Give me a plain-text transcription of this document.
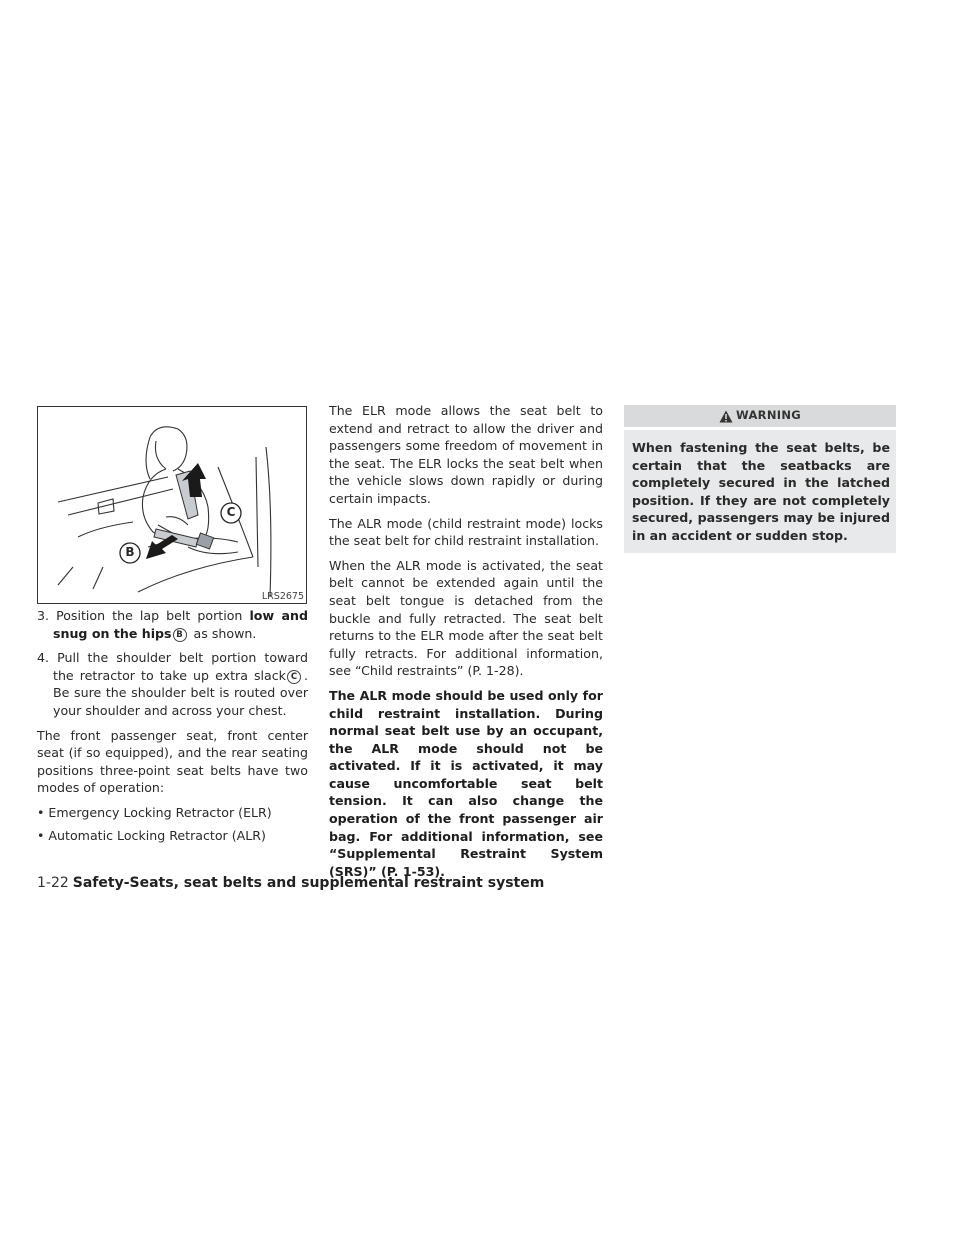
C
B
LRS2675

3. Position the lap belt portion low and snug on the hips B as shown.

4. Pull the shoulder belt portion toward the retractor to take up extra slack C . Be sure the shoulder belt is routed over your shoulder and across your chest.

The front passenger seat, front center seat (if so equipped), and the rear seating positions three-point seat belts have two modes of operation:

• Emergency Locking Retractor (ELR)

• Automatic Locking Retractor (ALR)

The ELR mode allows the seat belt to extend and retract to allow the driver and passengers some freedom of movement in the seat. The ELR locks the seat belt when the vehicle slows down rapidly or during certain impacts.

The ALR mode (child restraint mode) locks the seat belt for child restraint installation.

When the ALR mode is activated, the seat belt cannot be extended again until the seat belt tongue is detached from the buckle and fully retracted. The seat belt returns to the ELR mode after the seat belt fully retracts. For additional information, see “Child restraints” (P. 1-28).

The ALR mode should be used only for child restraint installation. During normal seat belt use by an occupant, the ALR mode should not be activated. If it is activated, it may cause uncomfortable seat belt tension. It can also change the operation of the front passenger air bag. For additional information, see “Supplemental Restraint System (SRS)” (P. 1-53).

WARNING
When fastening the seat belts, be certain that the seatbacks are completely secured in the latched position. If they are not completely secured, passengers may be injured in an accident or sudden stop.
1-22 Safety-Seats, seat belts and supplemental restraint system
